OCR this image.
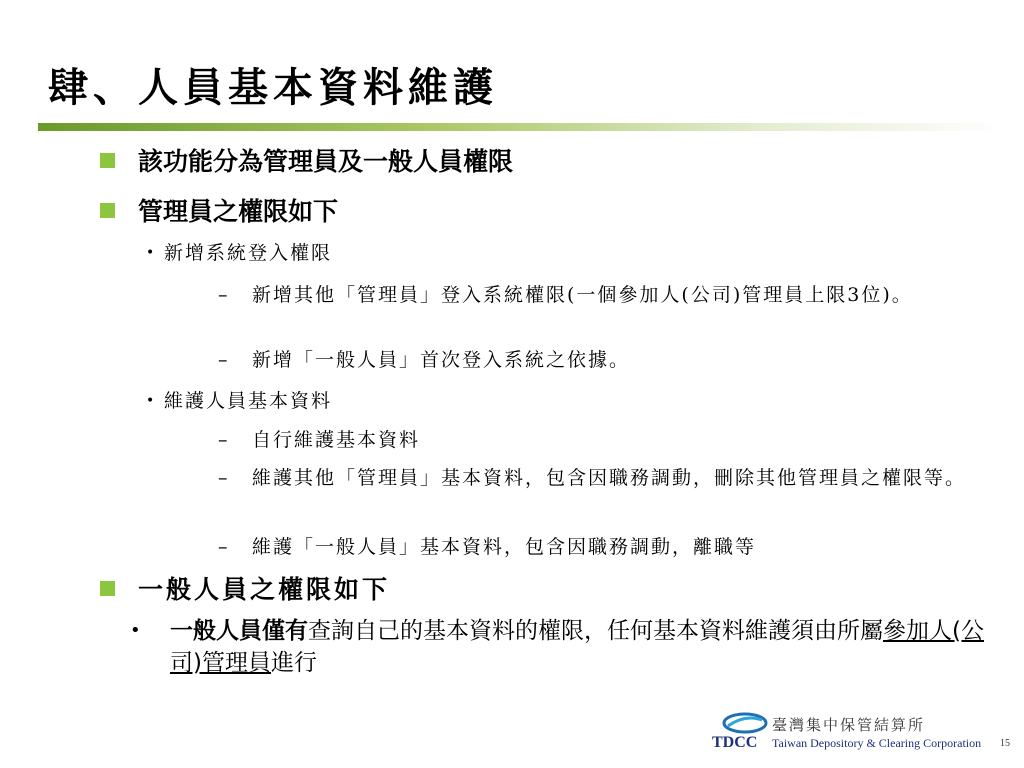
肆、人員基本資料維護
該功能分為管理員及一般人員權限
管理員之權限如下
• 新增系統登入權限
– 新增其他「管理員」登入系統權限(一個參加人(公司)管理員上限3位)。
– 新增「一般人員」首次登入系統之依據。
• 維護人員基本資料
– 自行維護基本資料
– 維護其他「管理員」基本資料，包含因職務調動，刪除其他管理員之權限等。
– 維護「一般人員」基本資料，包含因職務調動，離職等
一般人員之權限如下
• 一般人員僅有查詢自己的基本資料的權限，任何基本資料維護須由所屬參加人(公司)管理員進行
臺灣集中保管結算所
TDCC Taiwan Depository & Clearing Corporation 15
